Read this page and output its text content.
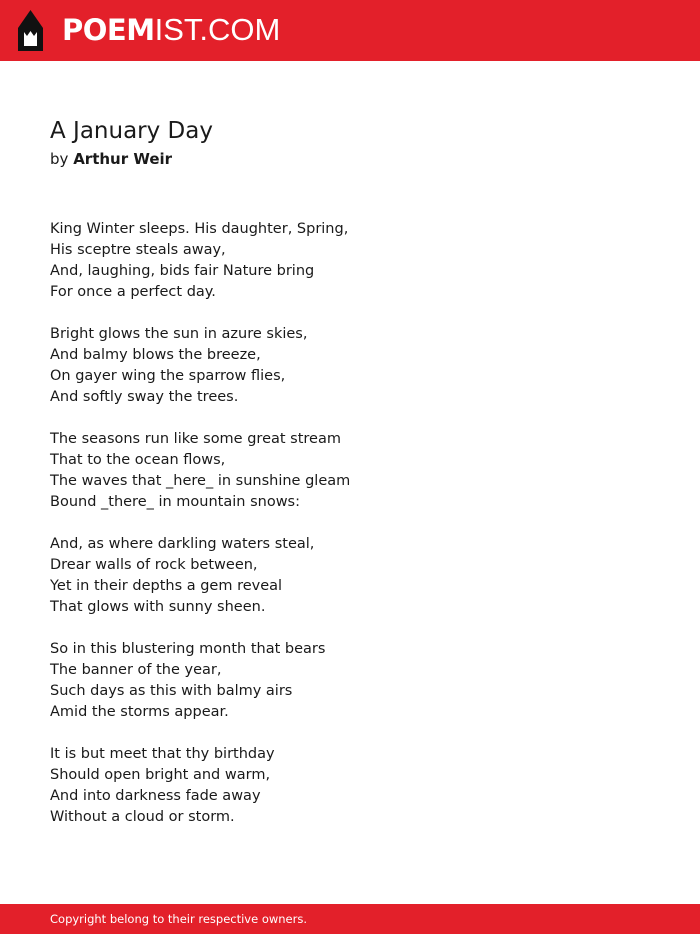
POEMIST.COM
A January Day
by Arthur Weir
King Winter sleeps. His daughter, Spring,
His sceptre steals away,
And, laughing, bids fair Nature bring
For once a perfect day.
Bright glows the sun in azure skies,
And balmy blows the breeze,
On gayer wing the sparrow flies,
And softly sway the trees.
The seasons run like some great stream
That to the ocean flows,
The waves that _here_ in sunshine gleam
Bound _there_ in mountain snows:
And, as where darkling waters steal,
Drear walls of rock between,
Yet in their depths a gem reveal
That glows with sunny sheen.
So in this blustering month that bears
The banner of the year,
Such days as this with balmy airs
Amid the storms appear.
It is but meet that thy birthday
Should open bright and warm,
And into darkness fade away
Without a cloud or storm.
Copyright belong to their respective owners.
